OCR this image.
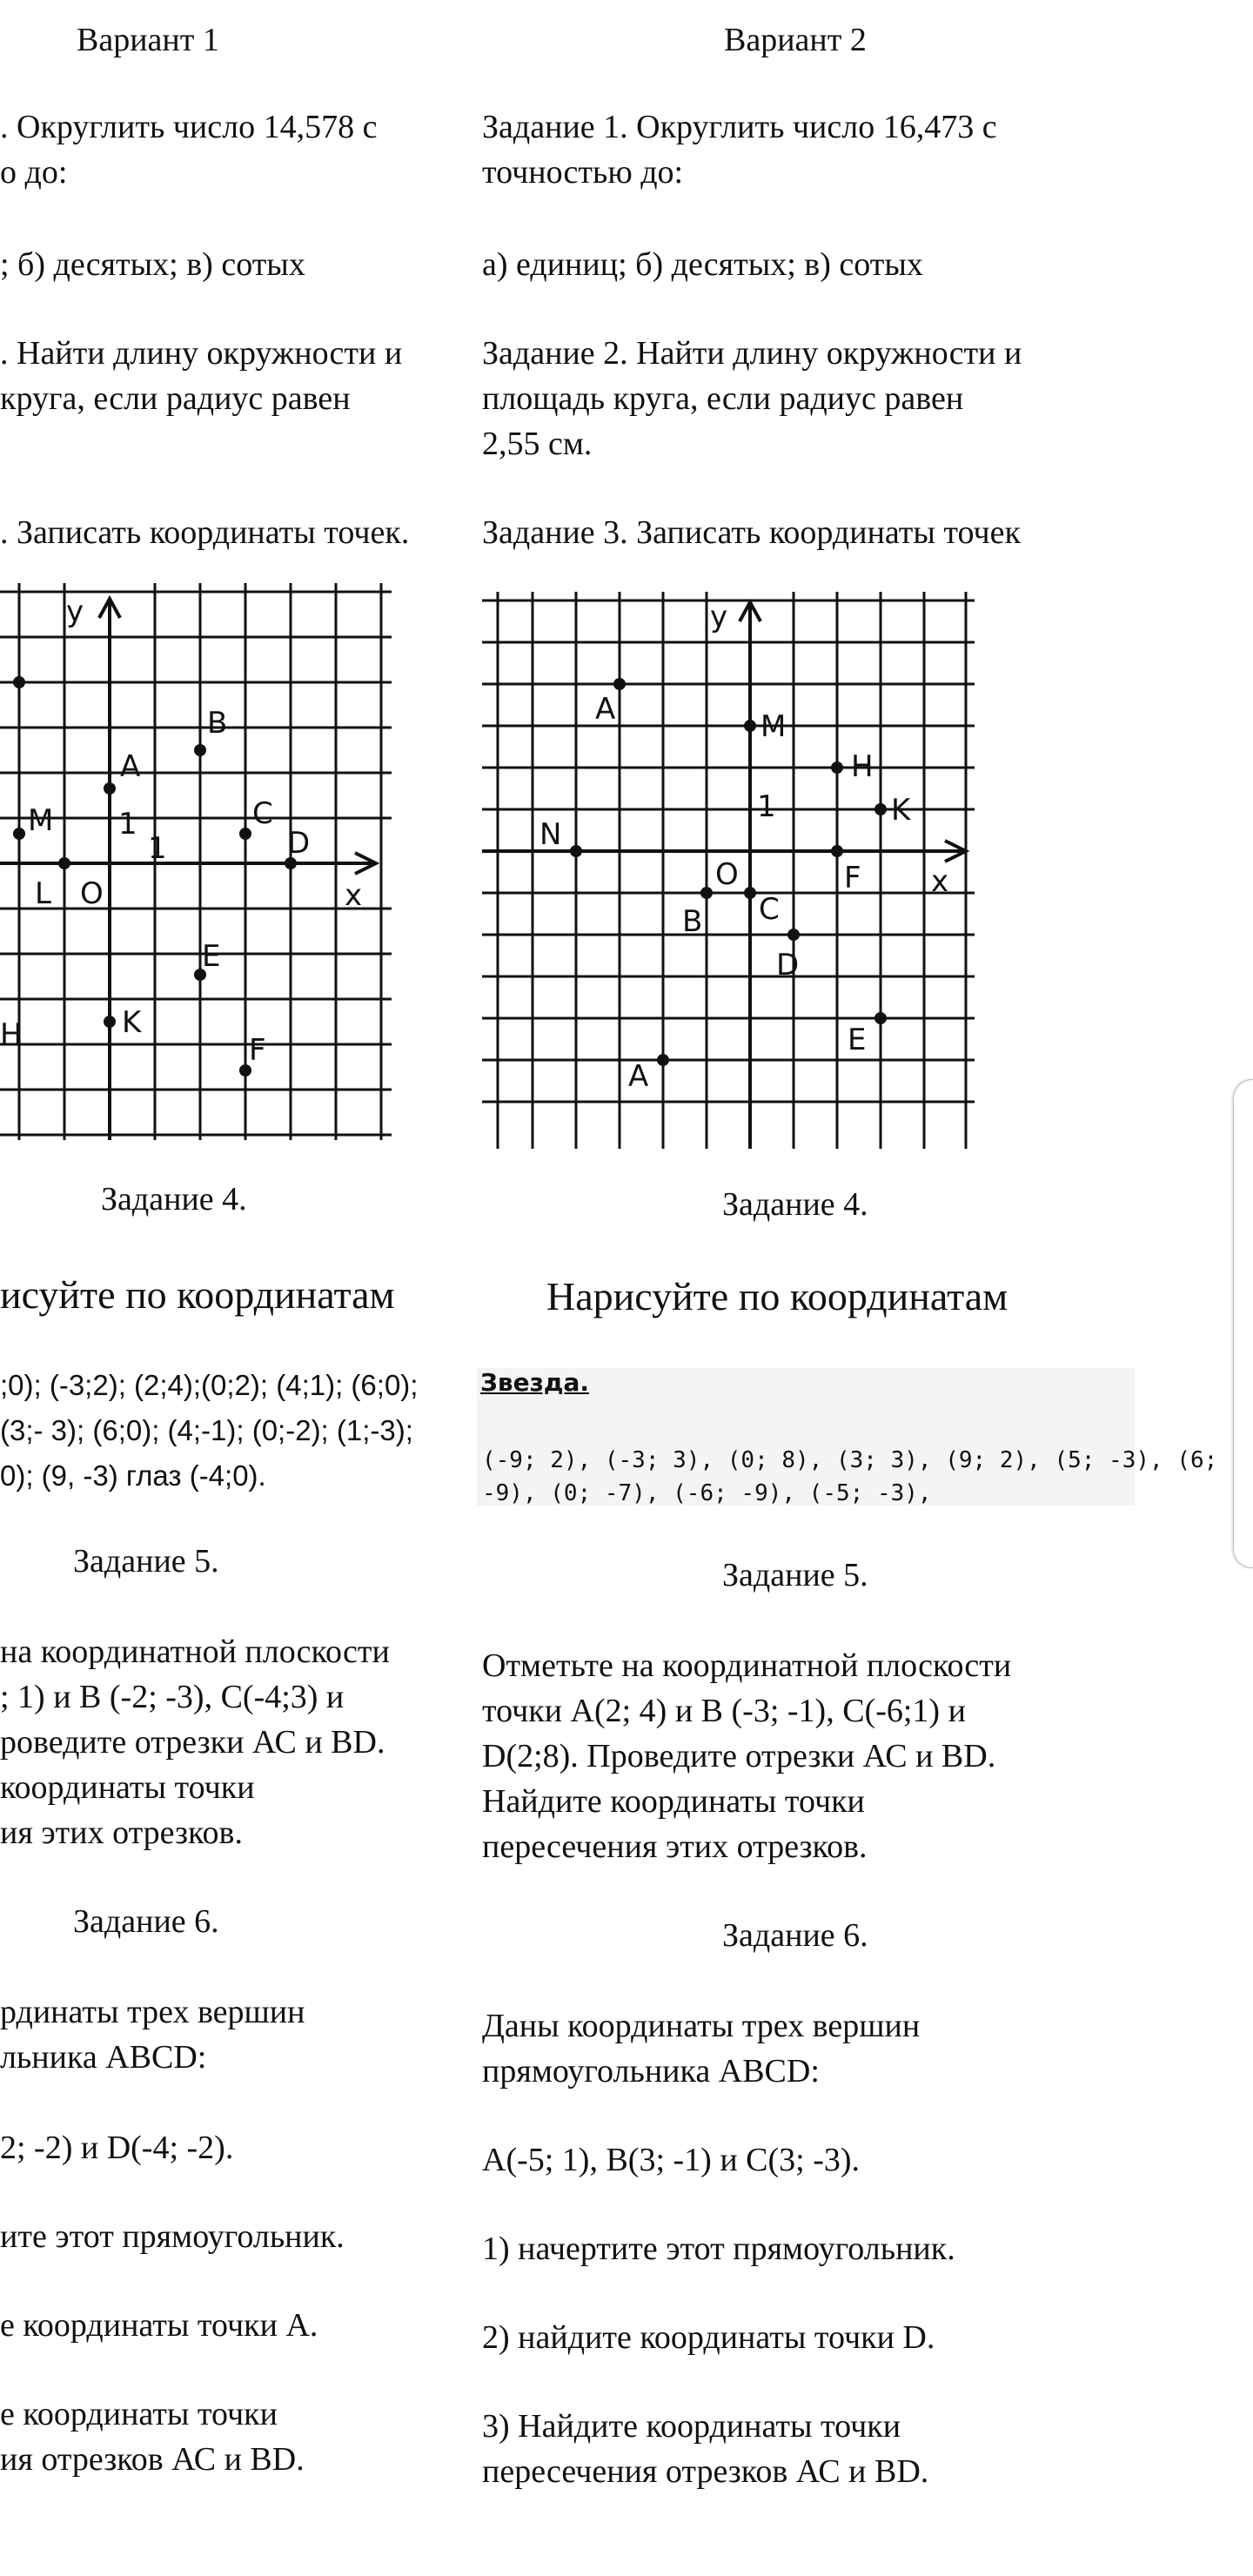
Вариант 1
. Округлить число 14,578 с
о до:
; б) десятых; в) сотых
. Найти длину окружности и
круга, если радиус равен
. Записать координаты точек.
A
B
M	C
D
L O
E
K
F
H
1
1
x
y
Задание 4.
исуйте по координатам
;0); (-3;2); (2;4);(0;2); (4;1); (6;0);
(3;- 3); (6;0); (4;-1); (0;-2); (1;-3);
0); (9, -3) глаз (-4;0).
Задание 5.
на координатной плоскости
; 1) и В (-2; -3), С(-4;3) и
роведите отрезки АС и BD.
координаты точки
ия этих отрезков.
Задание 6.
рдинаты трех вершин
льника ABCD:
2; -2) и D(-4; -2).
ите этот прямоугольник.
е координаты точки А.
е координаты точки
ия отрезков АС и BD.
Вариант 2
Задание 1. Округлить число 16,473 с
точностью до:
а) единиц; б) десятых; в) сотых
Задание 2. Найти длину окружности и
площадь круга, если радиус равен
2,55 см.
Задание 3. Записать координаты точек
A	M
H
K
N
O
C
F
B
D
E
A
1
x
y
Задание 4.
Нарисуйте по координатам
Звезда.
(-9; 2), (-3; 3), (0; 8), (3; 3), (9; 2), (5; -3), (6;
-9), (0; -7), (-6; -9), (-5; -3),
Задание 5.
Отметьте на координатной плоскости
точки А(2; 4) и В (-3; -1), С(-6;1) и
D(2;8). Проведите отрезки АС и BD.
Найдите координаты точки
пересечения этих отрезков.
Задание 6.
Даны координаты трех вершин
прямоугольника ABCD:
А(-5; 1), В(3; -1) и С(3; -3).
1) начертите этот прямоугольник.
2) найдите координаты точки D.
3) Найдите координаты точки
пересечения отрезков АС и BD.
